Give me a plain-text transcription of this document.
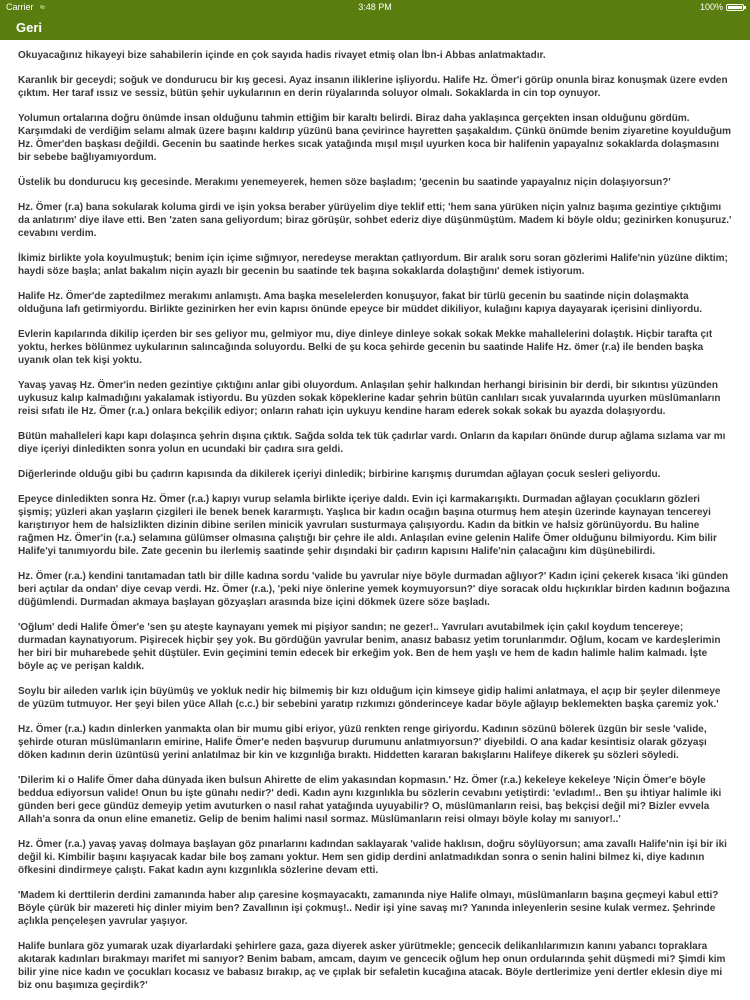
Carrier ≈	3:48 PM	100%
Geri

Okuyacağınız hikayeyi bize sahabilerin içinde en çok sayıda hadis rivayet etmiş olan İbn-i Abbas anlatmaktadır.

Karanlık bir geceydi; soğuk ve dondurucu bir kış gecesi. Ayaz insanın iliklerine işliyordu. Halife Hz. Ömer'i görüp onunla biraz konuşmak üzere evden çıktım. Her taraf ıssız ve sessiz, bütün şehir uykularının en derin rüyalarında soluyor olmalı. Sokaklarda in cin top oynuyor.

Yolumun ortalarına doğru önümde insan olduğunu tahmin ettiğim bir karaltı belirdi. Biraz daha yaklaşınca gerçekten insan olduğunu gördüm. Karşımdaki de verdiğim selamı almak üzere başını kaldırıp yüzünü bana çevirince hayretten şaşakaldım. Çünkü önümde benim ziyaretine koyulduğum Hz. Ömer'den başkası değildi. Gecenin bu saatinde herkes sıcak yatağında mışıl mışıl uyurken koca bir halifenin yapayalnız sokaklarda dolaşmasını bir sebebe bağlıyamıyordum.

Üstelik bu dondurucu kış gecesinde. Merakımı yenemeyerek, hemen söze başladım; 'gecenin bu saatinde yapayalnız niçin dolaşıyorsun?'

Hz. Ömer (r.a) bana sokularak koluma girdi ve işin yoksa beraber yürüyelim diye teklif etti; 'hem sana yürüken niçin yalnız başıma gezintiye çıktığımı da anlatırım' diye ilave etti. Ben 'zaten sana geliyordum; biraz görüşür, sohbet ederiz diye düşünmüştüm. Madem ki böyle oldu; gezinirken konuşuruz.' cevabını verdim.

İkimiz birlikte yola koyulmuştuk; benim için içime sığmıyor, neredeyse meraktan çatlıyordum. Bir aralık soru soran gözlerimi Halife'nin yüzüne diktim; haydi söze başla; anlat bakalım niçin ayazlı bir gecenin bu saatinde tek başına sokaklarda dolaştığını' demek istiyorum.

Halife Hz. Ömer'de zaptedilmez merakımı anlamıştı. Ama başka meselelerden konuşuyor, fakat bir türlü gecenin bu saatinde niçin dolaşmakta olduğuna lafı getirmiyordu. Birlikte gezinirken her evin kapısı önünde epeyce bir müddet dikiliyor, kulağını kapıya dayayarak içerisini dinliyordu.

Evlerin kapılarında dikilip içerden bir ses geliyor mu, gelmiyor mu, diye dinleye dinleye sokak sokak Mekke mahallelerini dolaştık. Hiçbir tarafta çıt yoktu, herkes bölünmez uykularının salıncağında soluyordu. Belki de şu koca şehirde gecenin bu saatinde Halife Hz. ömer (r.a) ile benden başka uyanık olan tek kişi yoktu.

Yavaş yavaş Hz. Ömer'in neden gezintiye çıktığını anlar gibi oluyordum. Anlaşılan şehir halkından herhangi birisinin bir derdi, bir sıkıntısı yüzünden uykusuz kalıp kalmadığını yakalamak istiyordu. Bu yüzden sokak köpeklerine kadar şehrin bütün canlıları sıcak yuvalarında uyurken müslümanların reisi sıfatı ile Hz. Ömer (r.a.) onlara bekçilik ediyor; onların rahatı için uykuyu kendine haram ederek sokak sokak bu ayazda dolaşıyordu.

Bütün mahalleleri kapı kapı dolaşınca şehrin dışına çıktık. Sağda solda tek tük çadırlar vardı. Onların da kapıları önünde durup ağlama sızlama var mı diye içeriyi dinledikten sonra yolun en ucundaki bir çadıra sıra geldi.

Diğerlerinde olduğu gibi bu çadırın kapısında da dikilerek içeriyi dinledik; birbirine karışmış durumdan ağlayan çocuk sesleri geliyordu.

Epeyce dinledikten sonra Hz. Ömer (r.a.) kapıyı vurup selamla birlikte içeriye daldı. Evin içi karmakarışıktı. Durmadan ağlayan çocukların gözleri şişmiş; yüzleri akan yaşların çizgileri ile benek benek kararmıştı. Yaşlıca bir kadın ocağın başına oturmuş hem ateşin üzerinde kaynayan tencereyi karıştırıyor hem de halsizlikten dizinin dibine serilen minicik yavruları susturmaya çalışıyordu. Kadın da bitkin ve halsiz görünüyordu. Bu haline rağmen Hz. Ömer'in (r.a.) selamına gülümser olmasına çalıştığı bir çehre ile aldı. Anlaşılan evine gelenin Halife Ömer olduğunu bilmiyordu. Kim bilir Halife'yi tanımıyordu bile. Zate gecenin bu ilerlemiş saatinde şehir dışındaki bir çadırın kapısını Halife'nin çalacağını kim düşünebilirdi.

Hz. Ömer (r.a.) kendini tanıtamadan tatlı bir dille kadına sordu 'valide bu yavrular niye böyle durmadan ağlıyor?' Kadın içini çekerek kısaca 'iki günden beri açtılar da ondan' diye cevap verdi. Hz. Ömer (r.a.), 'peki niye önlerine yemek koymuyorsun?' diye soracak oldu hıçkırıklar birden kadının boğazına düğümlendi. Durmadan akmaya başlayan gözyaşları arasında bize içini dökmek üzere söze başladı.

'Oğlum' dedi Halife Ömer'e 'sen şu ateşte kaynayanı yemek mi pişiyor sandın; ne gezer!.. Yavruları avutabilmek için çakıl koydum tencereye; durmadan kaynatıyorum. Pişirecek hiçbir şey yok. Bu gördüğün yavrular benim, anasız babasız yetim torunlarımdır. Oğlum, kocam ve kardeşlerimin her biri bir muharebede şehit düştüler. Evin geçimini temin edecek bir erkeğim yok. Ben de hem yaşlı ve hem de kadın halimle halim kalmadı. İşte böyle aç ve perişan kaldık.

Soylu bir aileden varlık için büyümüş ve yokluk nedir hiç bilmemiş bir kızı olduğum için kimseye gidip halimi anlatmaya, el açıp bir şeyler dilenmeye de yüzüm tutmuyor. Her şeyi bilen yüce Allah (c.c.) bir sebebini yaratıp rızkımızı gönderinceye kadar böyle ağlayıp beklemekten başka çaremiz yok.'

Hz. Ömer (r.a.) kadın dinlerken yanmakta olan bir mumu gibi eriyor, yüzü renkten renge giriyordu. Kadının sözünü bölerek üzgün bir sesle 'valide, şehirde oturan müslümanların emirine, Halife Ömer'e neden başvurup durumunu anlatmıyorsun?' diyebildi. O ana kadar kesintisiz olarak gözyaşı döken kadının derin üzüntüsü yerini anlatılmaz bir kin ve kızgınlığa bıraktı. Hiddetten kararan bakışlarını Halifeye dikerek şu sözleri söyledi.

'Dilerim ki o Halife Ömer daha dünyada iken bulsun Ahirette de elim yakasından kopmasın.' Hz. Ömer (r.a.) kekeleye kekeleye 'Niçin Ömer'e böyle beddua ediyorsun valide! Onun bu işte günahı nedir?' dedi. Kadın aynı kızgınlıkla bu sözlerin cevabını yetiştirdi: 'evladım!.. Ben şu ihtiyar halimle iki günden beri gece gündüz demeyip yetim avuturken o nasıl rahat yatağında uyuyabilir? O, müslümanların reisi, baş bekçisi değil mi? Bizler evvela Allah'a sonra da onun eline emanetiz. Gelip de benim halimi nasıl sormaz. Müslümanların reisi olmayı böyle kolay mı sanıyor!..'

Hz. Ömer (r.a.) yavaş yavaş dolmaya başlayan göz pınarlarını kadından saklayarak 'valide haklısın, doğru söylüyorsun; ama zavallı Halife'nin işi bir iki değil ki. Kimbilir başını kaşıyacak kadar bile boş zamanı yoktur. Hem sen gidip derdini anlatmadıkdan sonra o senin halini bilmez ki, diye kadının öfkesini dindirmeye çalıştı. Fakat kadın aynı kızgınlıkla sözlerine devam etti.

'Madem ki derttilerin derdini zamanında haber alıp çaresine koşmayacaktı, zamanında niye Halife olmayı, müslümanların başına geçmeyi kabul etti? Böyle çürük bir mazereti hiç dinler miyim ben? Zavallının işi çokmuş!.. Nedir işi yine savaş mı? Yanında inleyenlerin sesine kulak vermez. Şehrinde açlıkla pençeleşen yavrular yaşıyor.

Halife bunlara göz yumarak uzak diyarlardaki şehirlere gaza, gaza diyerek asker yürütmekle; gencecik delikanlılarımızın kanını yabancı topraklara akıtarak kadınları bırakmayı marifet mi sanıyor? Benim babam, amcam, dayım ve gencecik oğlum hep onun ordularında şehit düşmedi mi? Şimdi kim bilir yine nice kadın ve çocukları kocasız ve babasız bırakıp, aç ve çıplak bir sefaletin kucağına atacak. Böyle dertlerimize yeni dertler eklesin diye mi biz onu başımıza geçirdik?'
